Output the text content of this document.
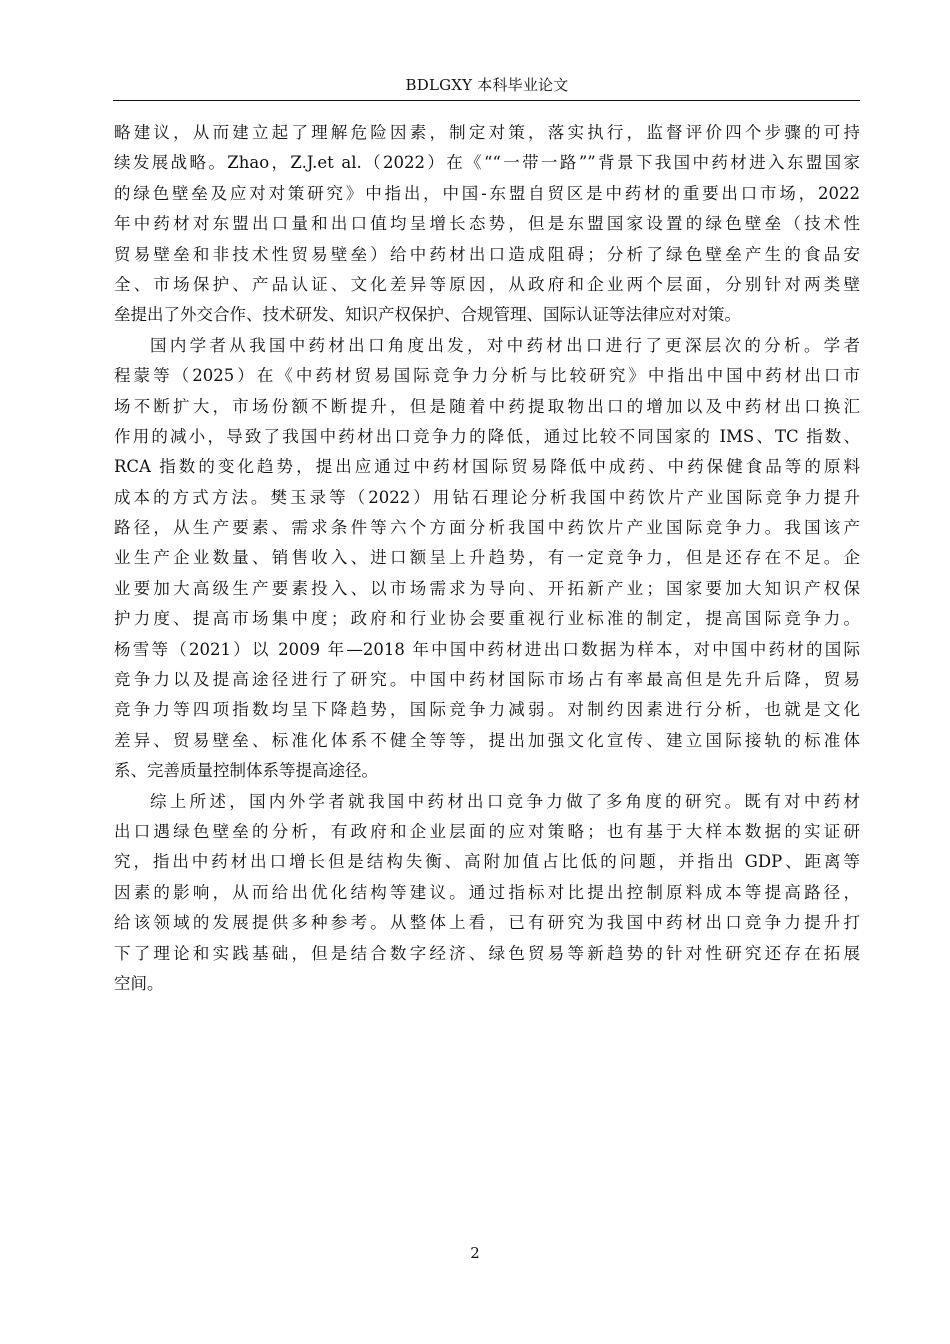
BDLGXY 本科毕业论文
略建议，从而建立起了理解危险因素，制定对策，落实执行，监督评价四个步骤的可持
续发展战略。Zhao，Z.J.et al.（2022）在《““一带一路””背景下我国中药材进入东盟国家
的绿色壁垒及应对对策研究》中指出，中国-东盟自贸区是中药材的重要出口市场，2022
年中药材对东盟出口量和出口值均呈增长态势，但是东盟国家设置的绿色壁垒（技术性
贸易壁垒和非技术性贸易壁垒）给中药材出口造成阻碍；分析了绿色壁垒产生的食品安
全、市场保护、产品认证、文化差异等原因，从政府和企业两个层面，分别针对两类壁
垒提出了外交合作、技术研发、知识产权保护、合规管理、国际认证等法律应对对策。
国内学者从我国中药材出口角度出发，对中药材出口进行了更深层次的分析。学者
程蒙等（2025）在《中药材贸易国际竞争力分析与比较研究》中指出中国中药材出口市
场不断扩大，市场份额不断提升，但是随着中药提取物出口的增加以及中药材出口换汇
作用的减小，导致了我国中药材出口竞争力的降低，通过比较不同国家的 IMS、TC 指数、
RCA 指数的变化趋势，提出应通过中药材国际贸易降低中成药、中药保健食品等的原料
成本的方式方法。樊玉录等（2022）用钻石理论分析我国中药饮片产业国际竞争力提升
路径，从生产要素、需求条件等六个方面分析我国中药饮片产业国际竞争力。我国该产
业生产企业数量、销售收入、进口额呈上升趋势，有一定竞争力，但是还存在不足。企
业要加大高级生产要素投入、以市场需求为导向、开拓新产业；国家要加大知识产权保
护力度、提高市场集中度；政府和行业协会要重视行业标准的制定，提高国际竞争力。
杨雪等（2021）以 2009 年—2018 年中国中药材进出口数据为样本，对中国中药材的国际
竞争力以及提高途径进行了研究。中国中药材国际市场占有率最高但是先升后降，贸易
竞争力等四项指数均呈下降趋势，国际竞争力减弱。对制约因素进行分析，也就是文化
差异、贸易壁垒、标准化体系不健全等等，提出加强文化宣传、建立国际接轨的标准体
系、完善质量控制体系等提高途径。
综上所述，国内外学者就我国中药材出口竞争力做了多角度的研究。既有对中药材
出口遇绿色壁垒的分析，有政府和企业层面的应对策略；也有基于大样本数据的实证研
究，指出中药材出口增长但是结构失衡、高附加值占比低的问题，并指出 GDP、距离等
因素的影响，从而给出优化结构等建议。通过指标对比提出控制原料成本等提高路径，
给该领域的发展提供多种参考。从整体上看，已有研究为我国中药材出口竞争力提升打
下了理论和实践基础，但是结合数字经济、绿色贸易等新趋势的针对性研究还存在拓展
空间。
2
